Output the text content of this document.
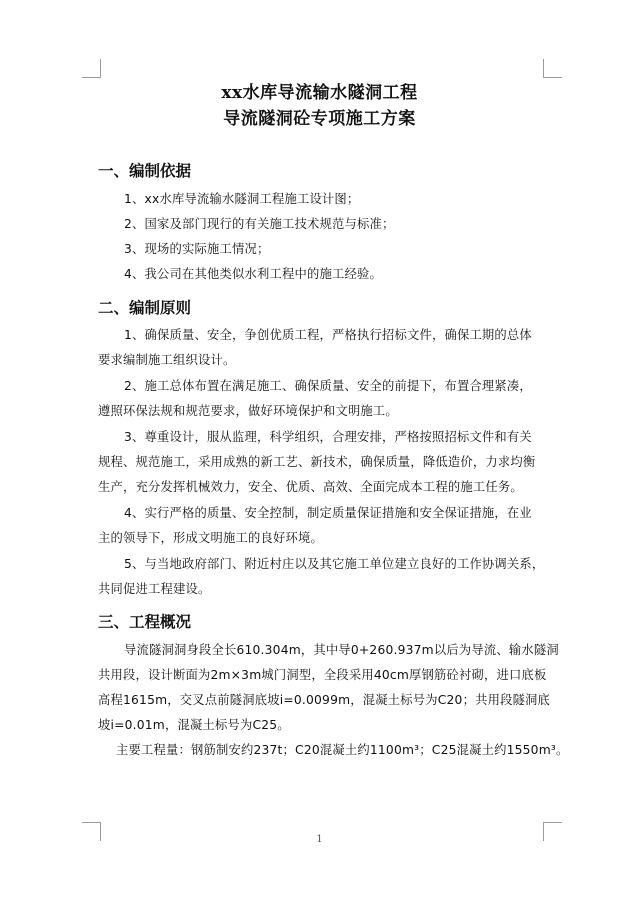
xx水库导流输水隧洞工程
导流隧洞砼专项施工方案
一、编制依据
1、xx水库导流输水隧洞工程施工设计图；
2、国家及部门现行的有关施工技术规范与标准；
3、现场的实际施工情况；
4、我公司在其他类似水利工程中的施工经验。
二、编制原则
1、确保质量、安全，争创优质工程，严格执行招标文件，确保工期的总体
要求编制施工组织设计。
2、施工总体布置在满足施工、确保质量、安全的前提下，布置合理紧凑，
遵照环保法规和规范要求，做好环境保护和文明施工。
3、尊重设计，服从监理，科学组织，合理安排，严格按照招标文件和有关
规程、规范施工，采用成熟的新工艺、新技术，确保质量，降低造价，力求均衡
生产，充分发挥机械效力，安全、优质、高效、全面完成本工程的施工任务。
4、实行严格的质量、安全控制，制定质量保证措施和安全保证措施，在业
主的领导下，形成文明施工的良好环境。
5、与当地政府部门、附近村庄以及其它施工单位建立良好的工作协调关系，
共同促进工程建设。
三、工程概况
导流隧洞洞身段全长610.304m，其中导0+260.937m以后为导流、输水隧洞
共用段，设计断面为2m×3m城门洞型，全段采用40cm厚钢筋砼衬砌，进口底板
高程1615m，交叉点前隧洞底坡i=0.0099m，混凝土标号为C20；共用段隧洞底
坡i=0.01m，混凝土标号为C25。
主要工程量：钢筋制安约237t；C20混凝土约1100m³；C25混凝土约1550m³。
1
